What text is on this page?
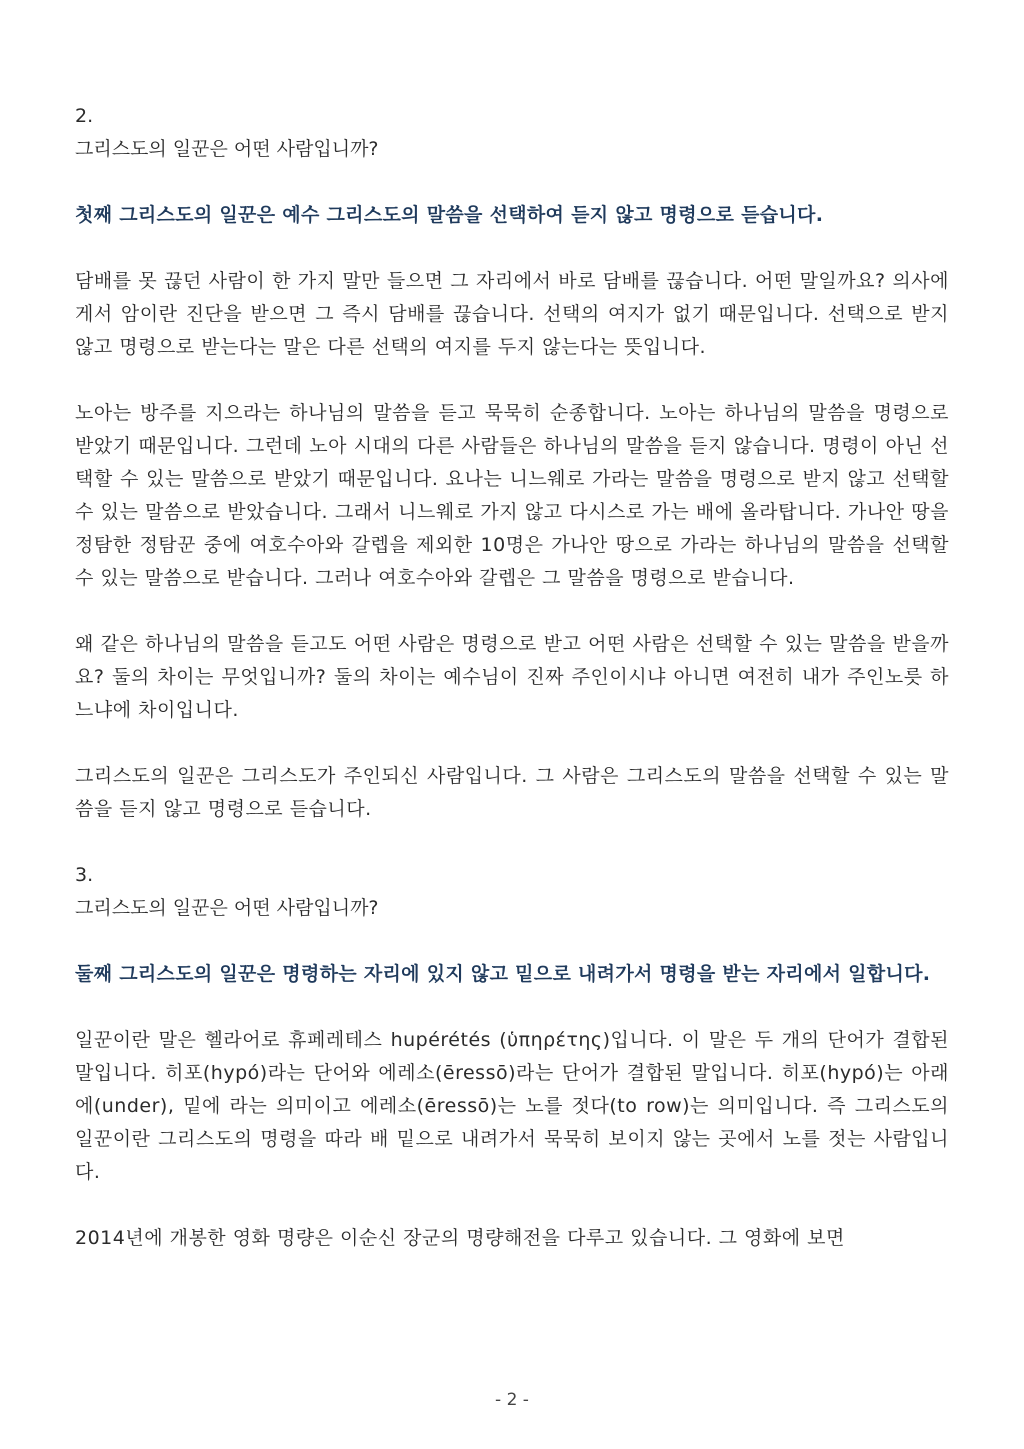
2.
그리스도의 일꾼은 어떤 사람입니까?

첫째 그리스도의 일꾼은 예수 그리스도의 말씀을 선택하여 듣지 않고 명령으로 듣습니다.

담배를 못 끊던 사람이 한 가지 말만 들으면 그 자리에서 바로 담배를 끊습니다. 어떤 말일까요? 의사에게서 암이란 진단을 받으면 그 즉시 담배를 끊습니다. 선택의 여지가 없기 때문입니다. 선택으로 받지 않고 명령으로 받는다는 말은 다른 선택의 여지를 두지 않는다는 뜻입니다.

노아는 방주를 지으라는 하나님의 말씀을 듣고 묵묵히 순종합니다. 노아는 하나님의 말씀을 명령으로 받았기 때문입니다. 그런데 노아 시대의 다른 사람들은 하나님의 말씀을 듣지 않습니다. 명령이 아닌 선택할 수 있는 말씀으로 받았기 때문입니다. 요나는 니느웨로 가라는 말씀을 명령으로 받지 않고 선택할 수 있는 말씀으로 받았습니다. 그래서 니느웨로 가지 않고 다시스로 가는 배에 올라탑니다. 가나안 땅을 정탐한 정탐꾼 중에 여호수아와 갈렙을 제외한 10명은 가나안 땅으로 가라는 하나님의 말씀을 선택할 수 있는 말씀으로 받습니다. 그러나 여호수아와 갈렙은 그 말씀을 명령으로 받습니다.

왜 같은 하나님의 말씀을 듣고도 어떤 사람은 명령으로 받고 어떤 사람은 선택할 수 있는 말씀을 받을까요? 둘의 차이는 무엇입니까? 둘의 차이는 예수님이 진짜 주인이시냐 아니면 여전히 내가 주인노릇 하느냐에 차이입니다.

그리스도의 일꾼은 그리스도가 주인되신 사람입니다. 그 사람은 그리스도의 말씀을 선택할 수 있는 말씀을 듣지 않고 명령으로 듣습니다.

3.
그리스도의 일꾼은 어떤 사람입니까?

둘째 그리스도의 일꾼은 명령하는 자리에 있지 않고 밑으로 내려가서 명령을 받는 자리에서 일합니다.

일꾼이란 말은 헬라어로 휴페레테스 hupérétés (ὑπηρέτης)입니다. 이 말은 두 개의 단어가 결합된 말입니다. 히포(hypó)라는 단어와 에레소(ēressō)라는 단어가 결합된 말입니다. 히포(hypó)는 아래에(under), 밑에 라는 의미이고 에레소(ēressō)는 노를 젓다(to row)는 의미입니다. 즉 그리스도의 일꾼이란 그리스도의 명령을 따라 배 밑으로 내려가서 묵묵히 보이지 않는 곳에서 노를 젓는 사람입니다.

2014년에 개봉한 영화 명량은 이순신 장군의 명량해전을 다루고 있습니다. 그 영화에 보면

- 2 -
